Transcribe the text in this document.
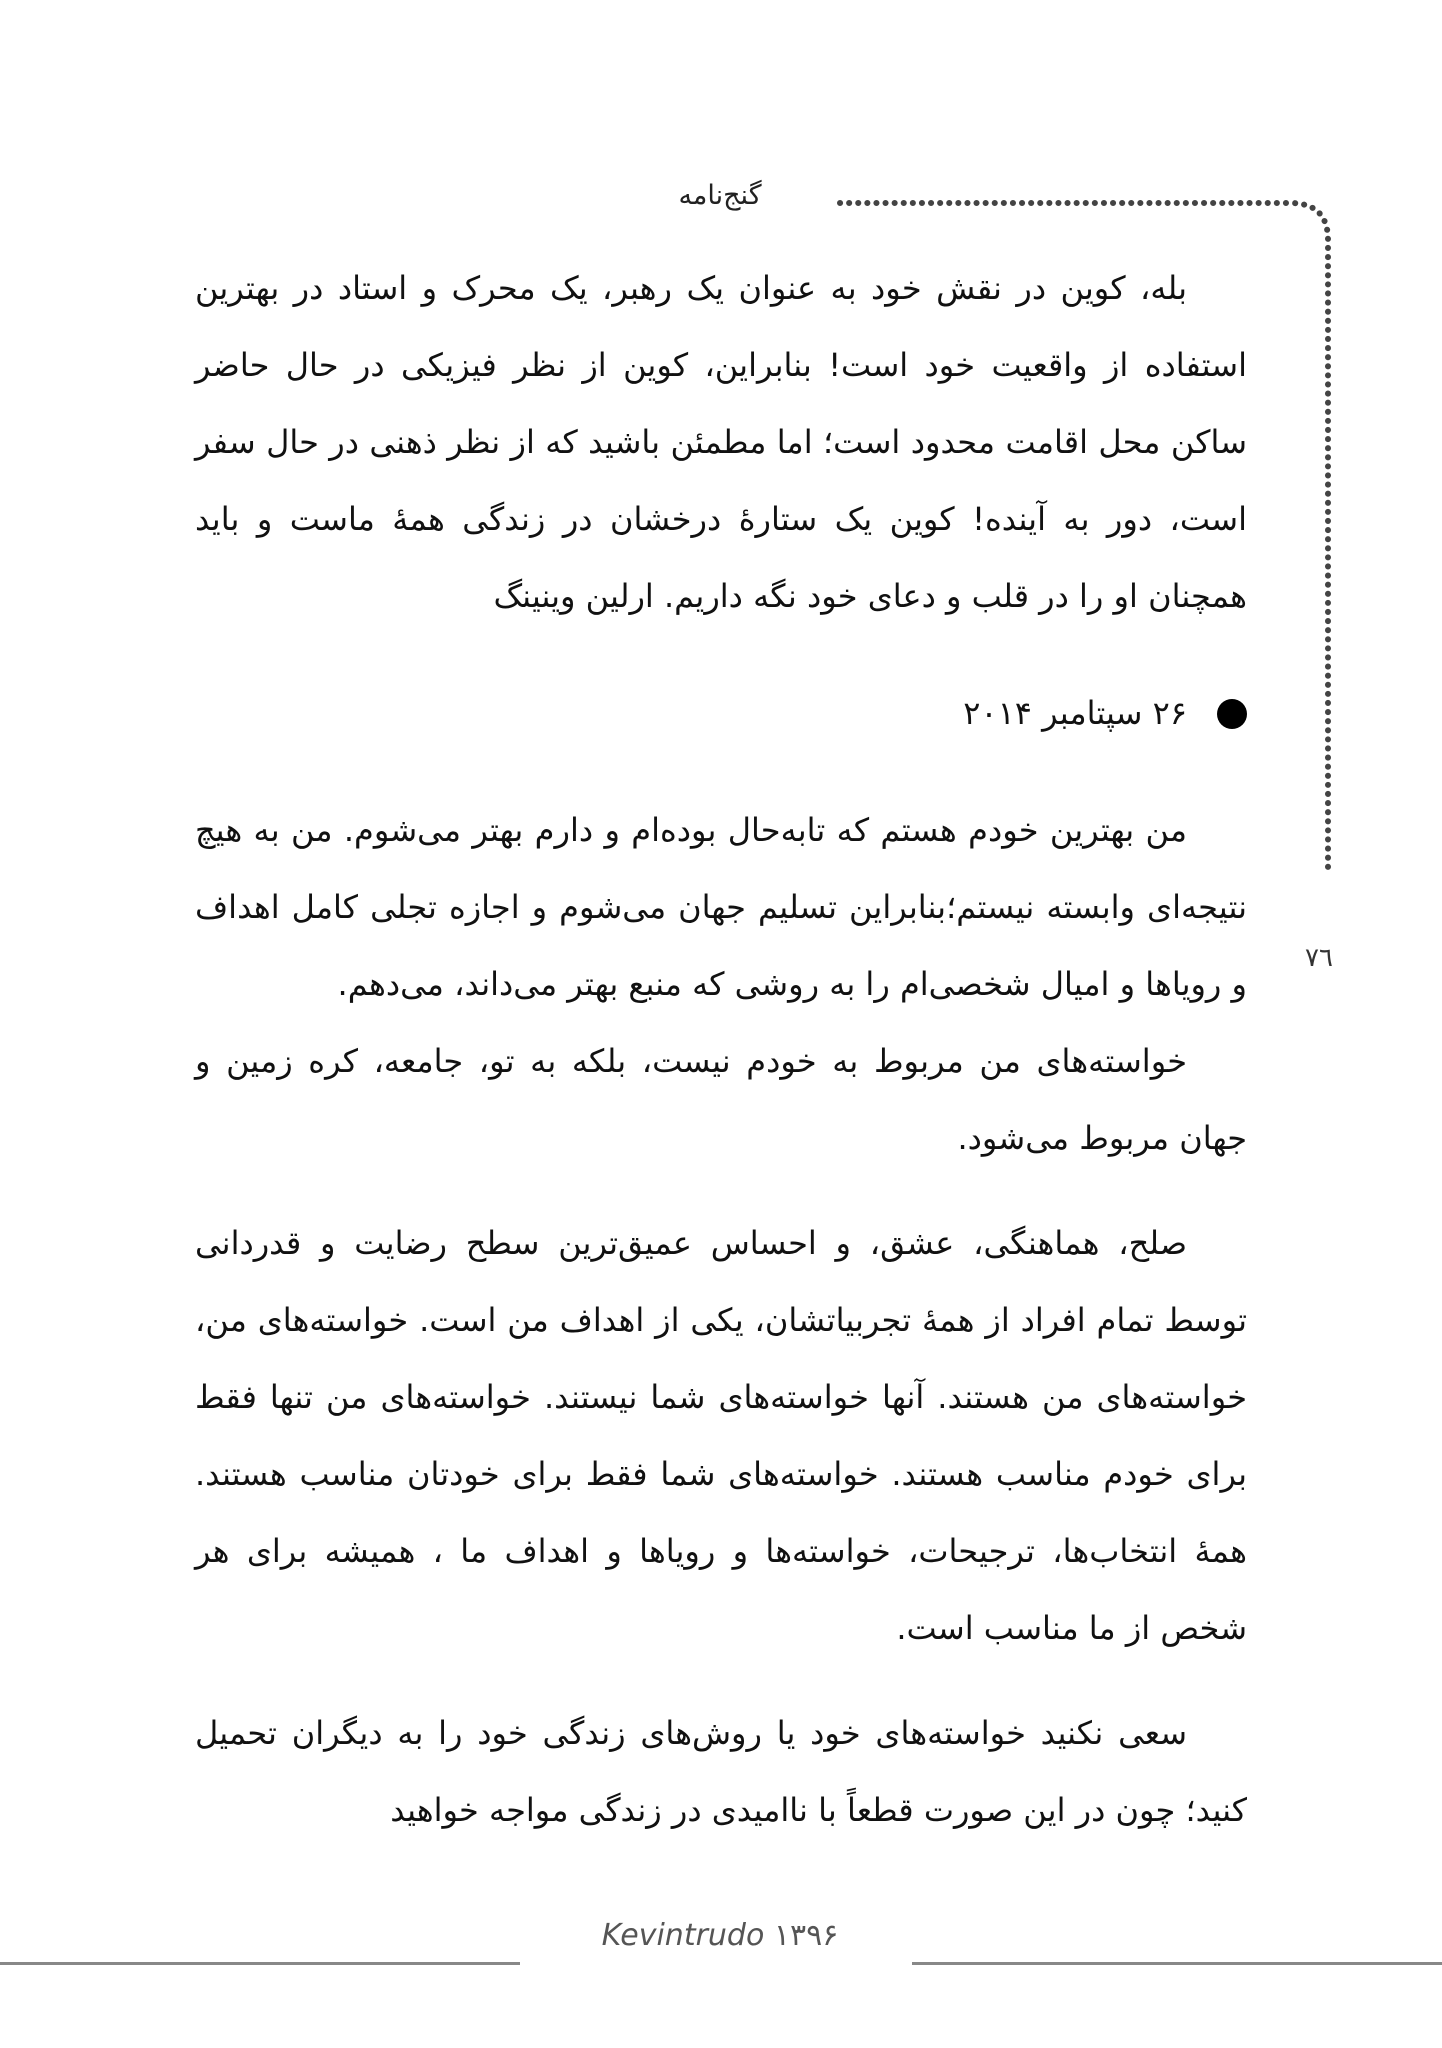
گنج‌نامه
٧٦

بله، کوین در نقش خود به عنوان یک رهبر، یک محرک و استاد در بهترین استفاده از واقعیت خود است! بنابراین، کوین از نظر فیزیکی در حال حاضر ساکن محل اقامت محدود است؛ اما مطمئن باشید که از نظر ذهنی در حال سفر است، دور به آینده! کوین یک ستارۀ درخشان در زندگی همۀ ماست و باید همچنان او را در قلب و دعای خود نگه داریم. ارلین وینینگ

۲۶ سپتامبر ۲۰۱۴

من بهترین خودم هستم که تابه‌حال بوده‌ام و دارم بهتر می‌شوم. من به هیچ نتیجه‌ای وابسته نیستم؛بنابراین تسلیم جهان می‌شوم و اجازه تجلی کامل اهداف و رویاها و امیال شخصی‌ام را به روشی که منبع بهتر می‌داند، می‌دهم.

خواسته‌های من مربوط به خودم نیست، بلکه به تو، جامعه، کره زمین و جهان مربوط می‌شود.

صلح، هماهنگی، عشق، و احساس عمیق‌ترین سطح رضایت و قدردانی توسط تمام افراد از همۀ تجربیاتشان، یکی از اهداف من است. خواسته‌های من، خواسته‌های من هستند. آنها خواسته‌های شما نیستند. خواسته‌های من تنها فقط برای خودم مناسب هستند. خواسته‌های شما فقط برای خودتان مناسب هستند. همۀ انتخاب‌ها، ترجیحات، خواسته‌ها و رویاها و اهداف ما ، همیشه برای هر شخص از ما مناسب است.

سعی نکنید خواسته‌های خود یا روش‌های زندگی خود را به دیگران تحمیل کنید؛ چون در این صورت قطعاً با ناامیدی در زندگی مواجه خواهید

Kevintrudo ۱۳۹۶
